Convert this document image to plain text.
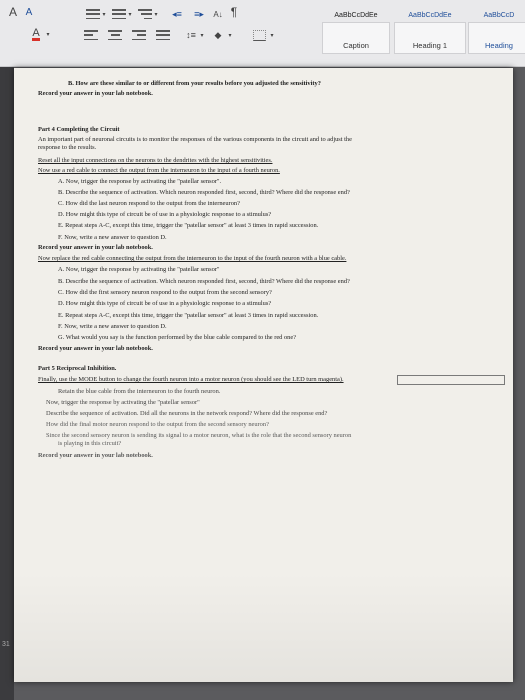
A A	▾	▾	▾	◂≡	≡▸	A↓ ¶
A	▾	↕≡ ▾	◆	▾	▾
AaBbCcDdEe
Caption
AaBbCcDdEe
Heading 1
AaBbCcD
Heading
31
B. How are these similar to or different from your results before you adjusted the sensitivity?
Record your answer in your lab notebook.
Part 4 Completing the Circuit
An important part of neuronal circuits is to monitor the responses of the various components in the circuit and to adjust the
response to the results.
Reset all the input connections on the neurons to the dendrites with the highest sensitivities.
Now use a red cable to connect the output from the interneuron to the input of a fourth neuron.
A. Now, trigger the response by activating the "patellar sensor".
B. Describe the sequence of activation. Which neuron responded first, second, third? Where did the response end?
C. How did the last neuron respond to the output from the interneuron?
D. How might this type of circuit be of use in a physiologic response to a stimulus?
E. Repeat steps A-C, except this time, trigger the "patellar sensor" at least 3 times in rapid succession.
F. Now, write a new answer to question D.
Record your answer in your lab notebook.
Now replace the red cable connecting the output from the interneuron to the input of the fourth neuron with a blue cable.
A. Now, trigger the response by activating the "patellar sensor"
B. Describe the sequence of activation. Which neuron responded first, second, third? Where did the response end?
C. How did the first sensory neuron respond to the output from the second sensory?
D. How might this type of circuit be of use in a physiologic response to a stimulus?
E. Repeat steps A-C, except this time, trigger the "patellar sensor" at least 3 times in rapid succession.
F. Now, write a new answer to question D.
G. What would you say is the function performed by the blue cable compared to the red one?
Record your answer in your lab notebook.
Part 5 Reciprocal Inhibition.
Finally, use the MODE button to change the fourth neuron into a motor neuron (you should see the LED turn magenta).
Retain the blue cable from the interneuron to the fourth neuron.
Now, trigger the response by activating the "patellar sensor"
Describe the sequence of activation. Did all the neurons in the network respond? Where did the response end?
How did the final motor neuron respond to the output from the second sensory neuron?
Since the second sensory neuron is sending its signal to a motor neuron, what is the role that the second sensory neuron
is playing in this circuit?
Record your answer in your lab notebook.
